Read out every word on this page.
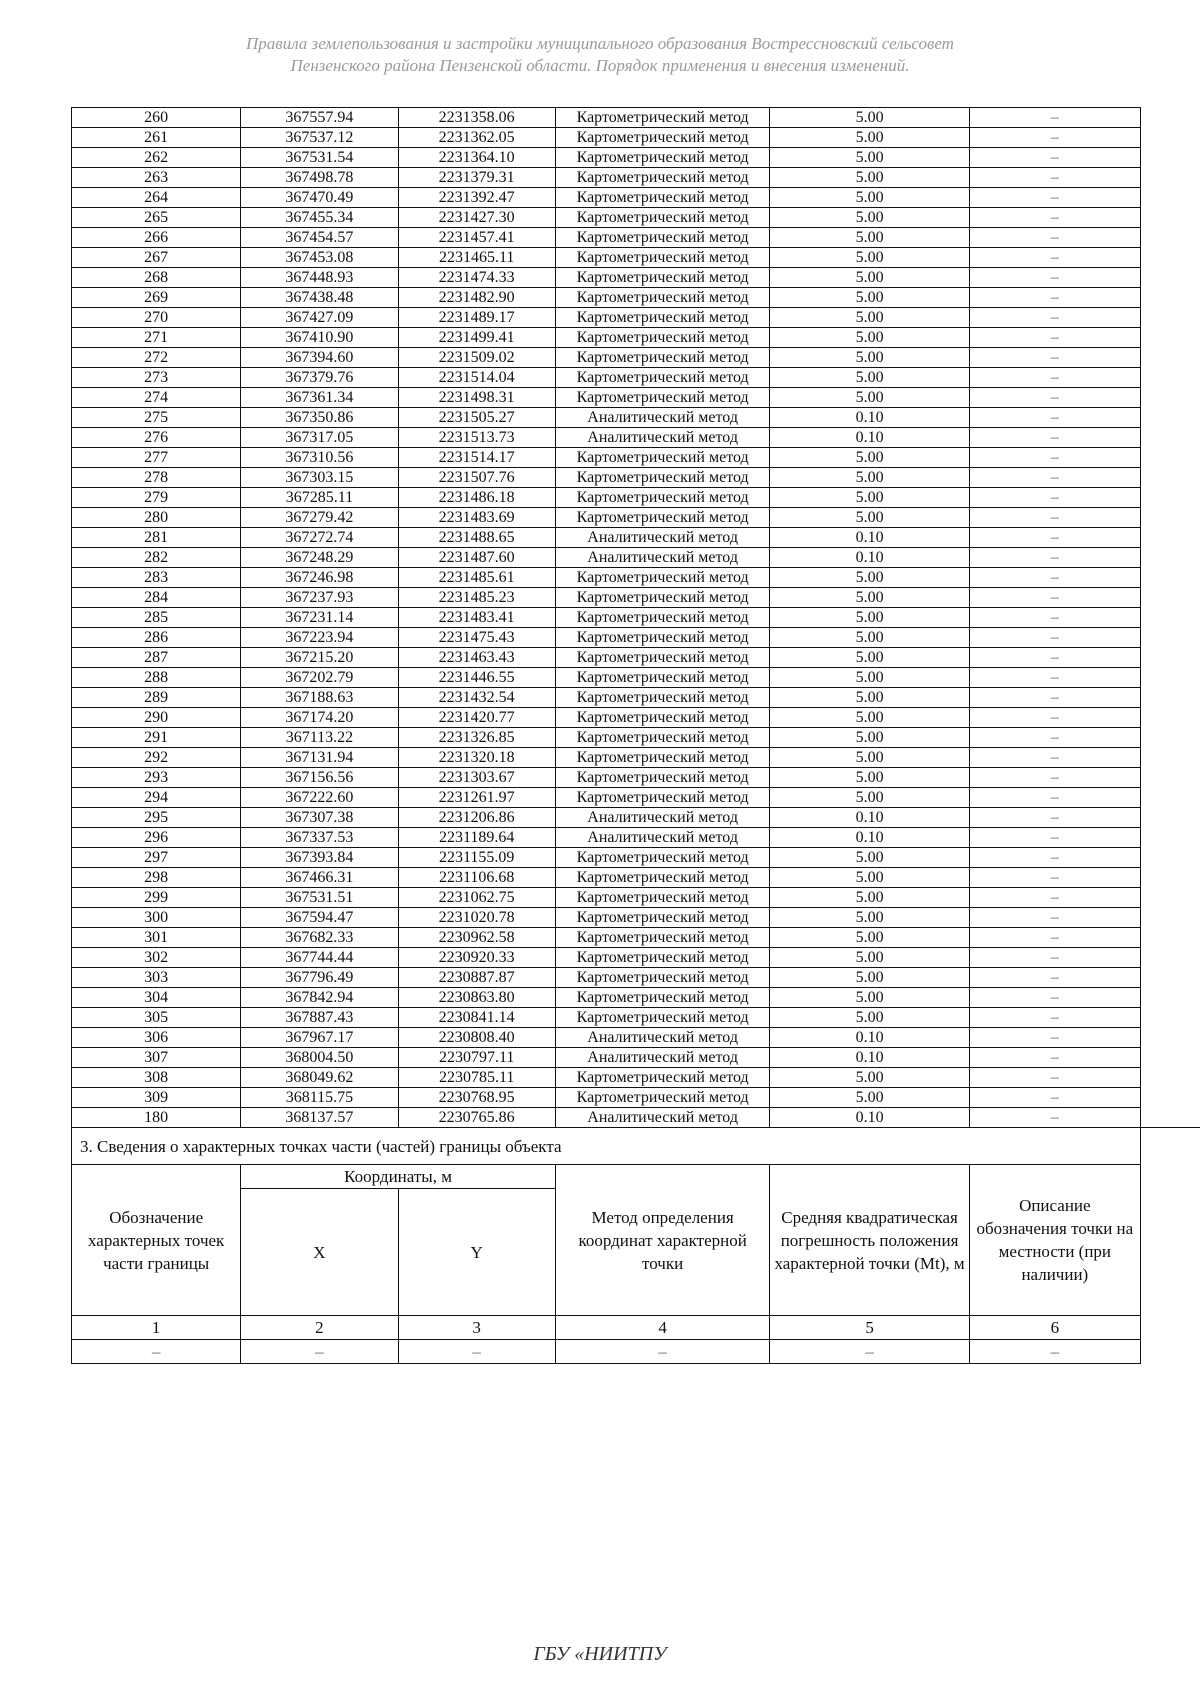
Правила землепользования и застройки муниципального образования Вострессновский сельсовет
Пензенского района Пензенской области. Порядок применения и внесения изменений.
260	367557.94	2231358.06	Картометрический метод	5.00	–	
261	367537.12	2231362.05	Картометрический метод	5.00	–	
262	367531.54	2231364.10	Картометрический метод	5.00	–	
263	367498.78	2231379.31	Картометрический метод	5.00	–	
264	367470.49	2231392.47	Картометрический метод	5.00	–	
265	367455.34	2231427.30	Картометрический метод	5.00	–	
266	367454.57	2231457.41	Картометрический метод	5.00	–	
267	367453.08	2231465.11	Картометрический метод	5.00	–	
268	367448.93	2231474.33	Картометрический метод	5.00	–	
269	367438.48	2231482.90	Картометрический метод	5.00	–	
270	367427.09	2231489.17	Картометрический метод	5.00	–	
271	367410.90	2231499.41	Картометрический метод	5.00	–	
272	367394.60	2231509.02	Картометрический метод	5.00	–	
273	367379.76	2231514.04	Картометрический метод	5.00	–	
274	367361.34	2231498.31	Картометрический метод	5.00	–	
275	367350.86	2231505.27	Аналитический метод	0.10	–	
276	367317.05	2231513.73	Аналитический метод	0.10	–	
277	367310.56	2231514.17	Картометрический метод	5.00	–	
278	367303.15	2231507.76	Картометрический метод	5.00	–	
279	367285.11	2231486.18	Картометрический метод	5.00	–	
280	367279.42	2231483.69	Картометрический метод	5.00	–	
281	367272.74	2231488.65	Аналитический метод	0.10	–	
282	367248.29	2231487.60	Аналитический метод	0.10	–	
283	367246.98	2231485.61	Картометрический метод	5.00	–	
284	367237.93	2231485.23	Картометрический метод	5.00	–	
285	367231.14	2231483.41	Картометрический метод	5.00	–	
286	367223.94	2231475.43	Картометрический метод	5.00	–	
287	367215.20	2231463.43	Картометрический метод	5.00	–	
288	367202.79	2231446.55	Картометрический метод	5.00	–	
289	367188.63	2231432.54	Картометрический метод	5.00	–	
290	367174.20	2231420.77	Картометрический метод	5.00	–	
291	367113.22	2231326.85	Картометрический метод	5.00	–	
292	367131.94	2231320.18	Картометрический метод	5.00	–	
293	367156.56	2231303.67	Картометрический метод	5.00	–	
294	367222.60	2231261.97	Картометрический метод	5.00	–	
295	367307.38	2231206.86	Аналитический метод	0.10	–	
296	367337.53	2231189.64	Аналитический метод	0.10	–	
297	367393.84	2231155.09	Картометрический метод	5.00	–	
298	367466.31	2231106.68	Картометрический метод	5.00	–	
299	367531.51	2231062.75	Картометрический метод	5.00	–	
300	367594.47	2231020.78	Картометрический метод	5.00	–	
301	367682.33	2230962.58	Картометрический метод	5.00	–	
302	367744.44	2230920.33	Картометрический метод	5.00	–	
303	367796.49	2230887.87	Картометрический метод	5.00	–	
304	367842.94	2230863.80	Картометрический метод	5.00	–	
305	367887.43	2230841.14	Картометрический метод	5.00	–	
306	367967.17	2230808.40	Аналитический метод	0.10	–	
307	368004.50	2230797.11	Аналитический метод	0.10	–	
308	368049.62	2230785.11	Картометрический метод	5.00	–	
309	368115.75	2230768.95	Картометрический метод	5.00	–	
180	368137.57	2230765.86	Аналитический метод	0.10	–	
3. Сведения о характерных точках части (частей) границы объекта						
Обозначение характерных точек части границы	Координаты, м		Метод определения координат характерной точки	Средняя квадратическая погрешность положения характерной точки (Mt), м	Описание обозначения точки на местности (при наличии)	
	X	Y				
1	2	3	4	5	6	
–	–	–	–	–	–	
ГБУ «НИИТПУ
